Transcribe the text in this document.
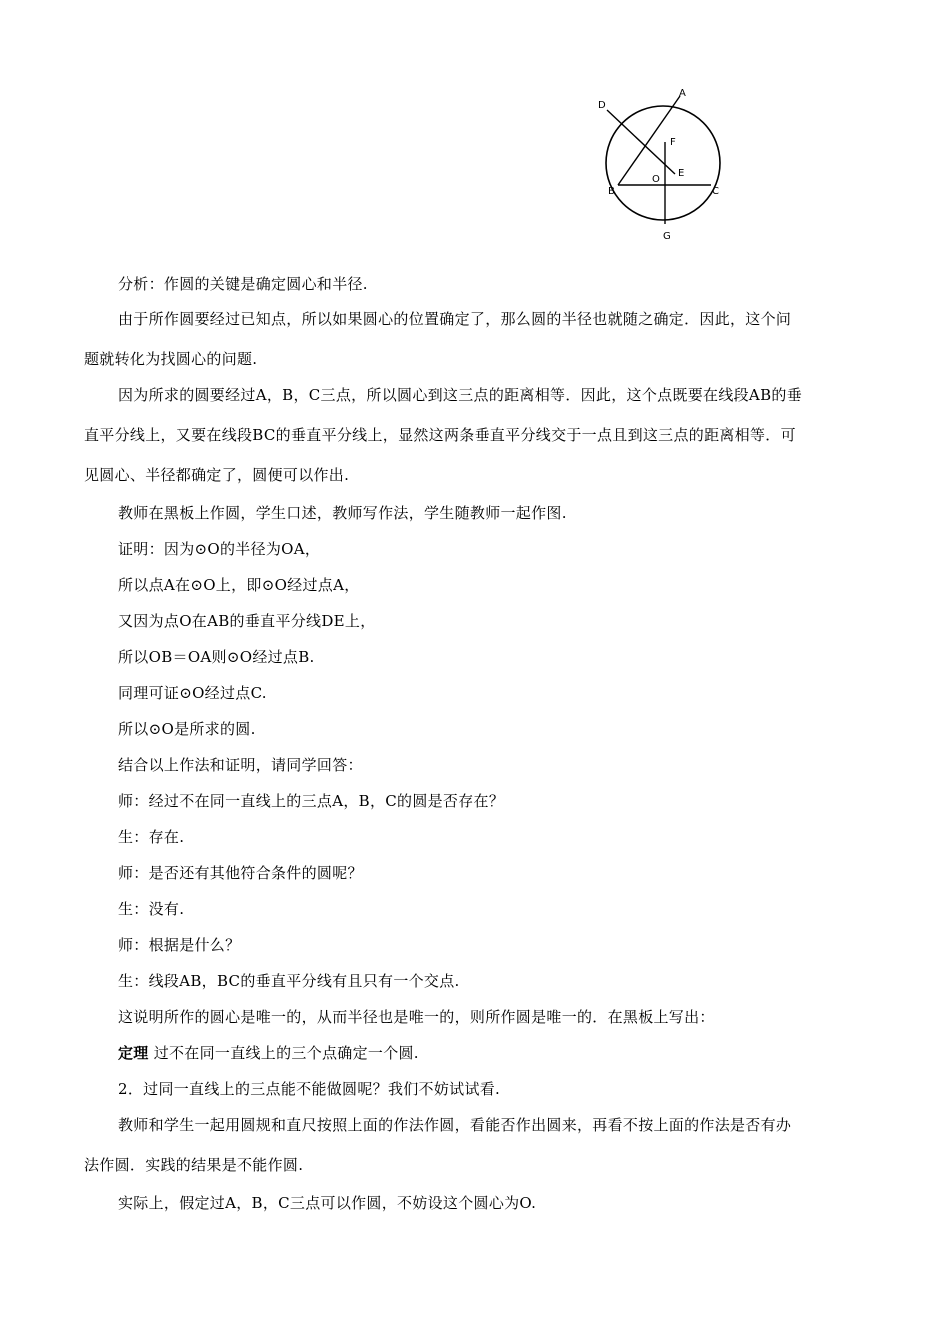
A
D
F
E
O
B	C
G
分析：作圆的关键是确定圆心和半径.
由于所作圆要经过已知点，所以如果圆心的位置确定了，那么圆的半径也就随之确定．因此，这个问
题就转化为找圆心的问题.
因为所求的圆要经过A，B，C三点，所以圆心到这三点的距离相等．因此，这个点既要在线段AB的垂
直平分线上，又要在线段BC的垂直平分线上，显然这两条垂直平分线交于一点且到这三点的距离相等．可
见圆心、半径都确定了，圆便可以作出.
教师在黑板上作圆，学生口述，教师写作法，学生随教师一起作图.
证明：因为⊙O的半径为OA，
所以点A在⊙O上，即⊙O经过点A，
又因为点O在AB的垂直平分线DE上，
所以OB＝OA则⊙O经过点B.
同理可证⊙O经过点C.
所以⊙O是所求的圆.
结合以上作法和证明，请同学回答：
师：经过不在同一直线上的三点A，B，C的圆是否存在？
生：存在.
师：是否还有其他符合条件的圆呢？
生：没有.
师：根据是什么？
生：线段AB，BC的垂直平分线有且只有一个交点.
这说明所作的圆心是唯一的，从而半径也是唯一的，则所作圆是唯一的．在黑板上写出：
定理 过不在同一直线上的三个点确定一个圆.
2．过同一直线上的三点能不能做圆呢？我们不妨试试看.
教师和学生一起用圆规和直尺按照上面的作法作圆，看能否作出圆来，再看不按上面的作法是否有办
法作圆．实践的结果是不能作圆.
实际上，假定过A，B，C三点可以作圆，不妨设这个圆心为O.
